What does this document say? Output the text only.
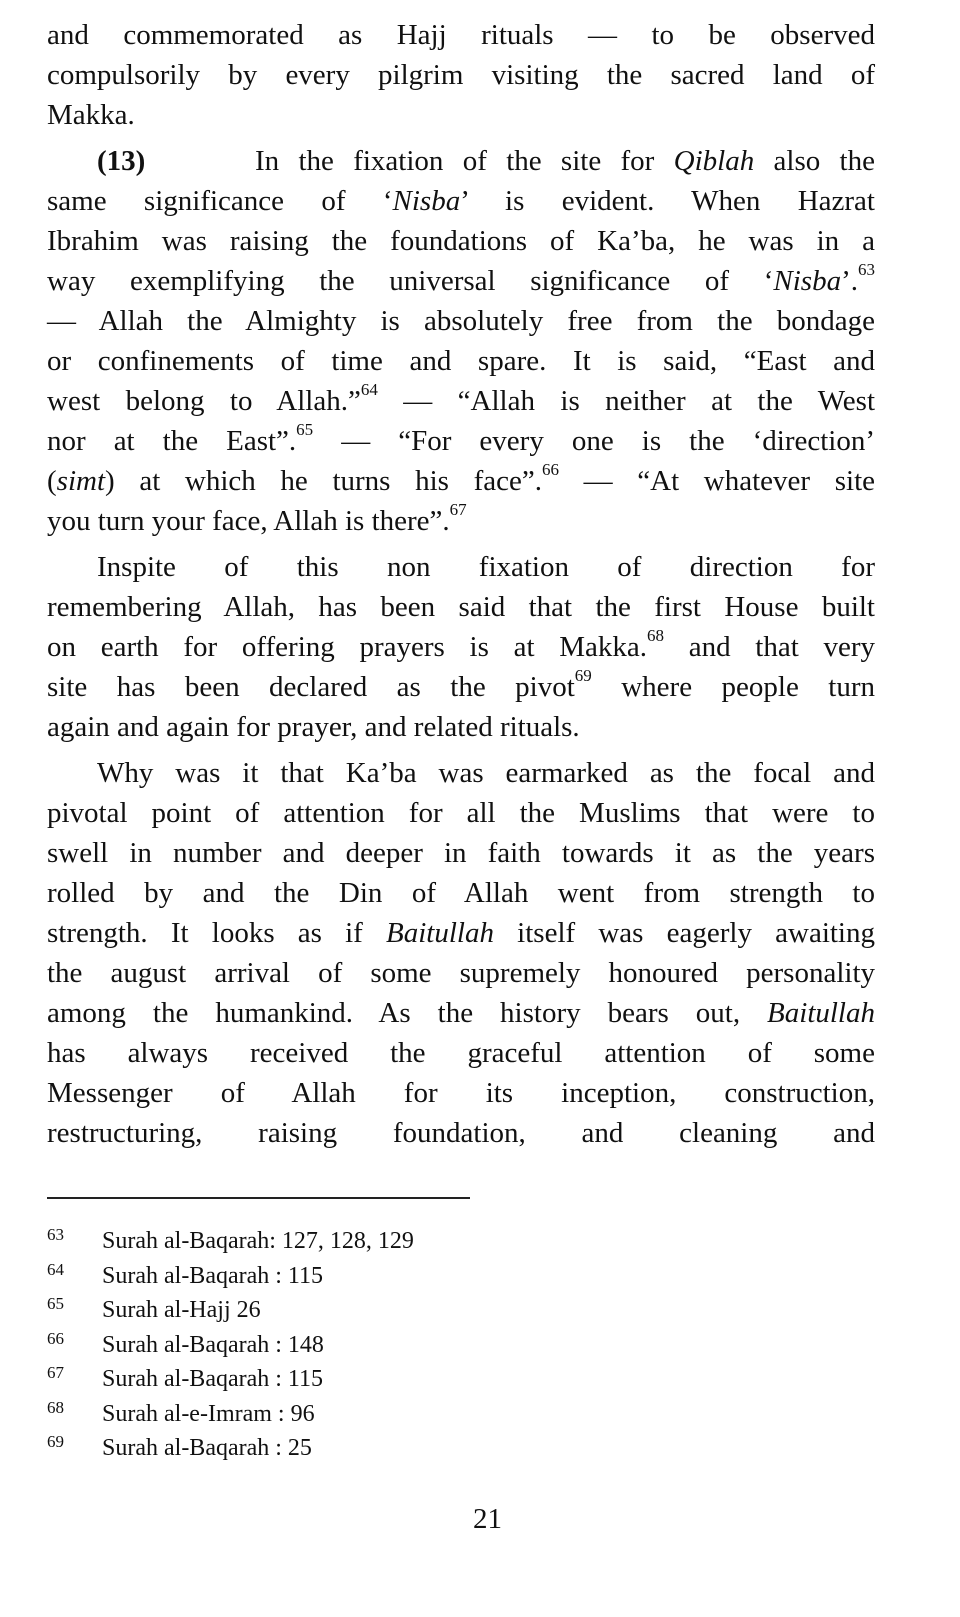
and commemorated as Hajj rituals — to be observed
compulsorily by every pilgrim visiting the sacred land of
Makka.
(13)	In the fixation of the site for Qiblah also the
same significance of ‘Nisba’ is evident. When Hazrat
Ibrahim was raising the foundations of Ka’ba, he was in a
way exemplifying the universal significance of ‘Nisba’.$^{63}$
— Allah the Almighty is absolutely free from the bondage
or confinements of time and spare. It is said, “East and
west belong to Allah.”$^{64}$ — “Allah is neither at the West
nor at the East”.$^{65}$ — “For every one is the ‘direction’
(simt) at which he turns his face”.$^{66}$ — “At whatever site
you turn your face, Allah is there”.$^{67}$
Inspite of this non fixation of direction for
remembering Allah, has been said that the first House built
on earth for offering prayers is at Makka.$^{68}$ and that very
site has been declared as the pivot$^{69}$ where people turn
again and again for prayer, and related rituals.
Why was it that Ka’ba was earmarked as the focal and
pivotal point of attention for all the Muslims that were to
swell in number and deeper in faith towards it as the years
rolled by and the Din of Allah went from strength to
strength. It looks as if Baitullah itself was eagerly awaiting
the august arrival of some supremely honoured personality
among the humankind. As the history bears out, Baitullah
has always received the graceful attention of some
Messenger of Allah for its inception, construction,
restructuring, raising foundation, and cleaning and
63 Surah al-Baqarah: 127, 128, 129
64 Surah al-Baqarah : 115
65 Surah al-Hajj 26
66 Surah al-Baqarah : 148
67 Surah al-Baqarah : 115
68 Surah al-e-Imram : 96
69 Surah al-Baqarah : 25
21
